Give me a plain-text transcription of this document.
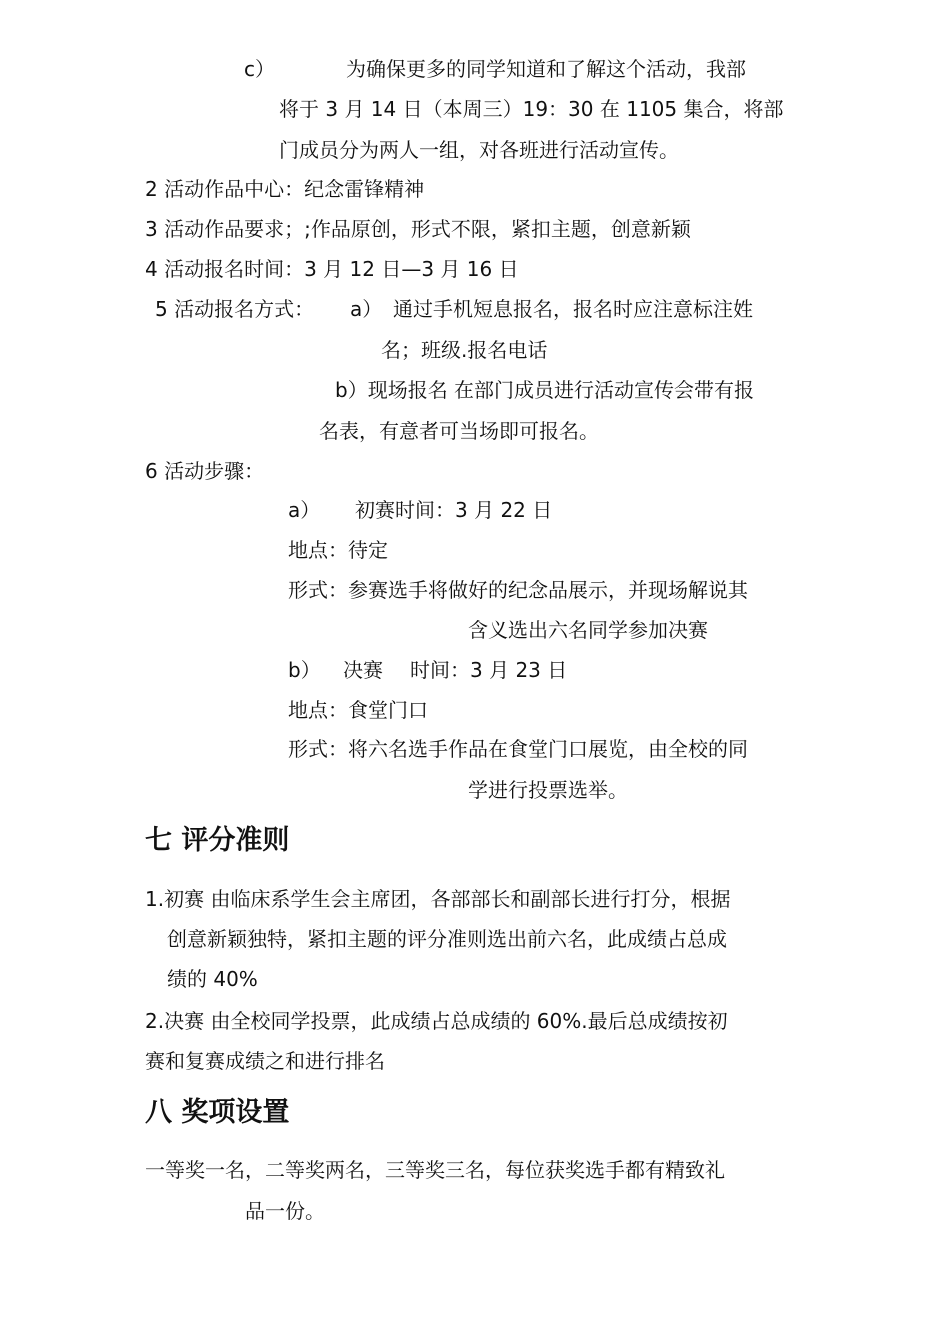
c）	为确保更多的同学知道和了解这个活动，我部
将于 3 月 14 日（本周三）19：30 在 1105 集合，将部
门成员分为两人一组，对各班进行活动宣传。
2 活动作品中心：纪念雷锋精神
3 活动作品要求；;作品原创，形式不限，紧扣主题，创意新颖
4 活动报名时间：3 月 12 日—3 月 16 日
5 活动报名方式： a） 通过手机短息报名，报名时应注意标注姓
名；班级.报名电话
b）现场报名 在部门成员进行活动宣传会带有报
名表，有意者可当场即可报名。
6 活动步骤：
a） 初赛时间：3 月 22 日
地点：待定
形式：参赛选手将做好的纪念品展示，并现场解说其
含义选出六名同学参加决赛
b） 决赛 时间：3 月 23 日
地点：食堂门口
形式：将六名选手作品在食堂门口展览，由全校的同
学进行投票选举。
七 评分准则
1.初赛 由临床系学生会主席团，各部部长和副部长进行打分，根据
创意新颖独特，紧扣主题的评分准则选出前六名，此成绩占总成
绩的 40%
2.决赛 由全校同学投票，此成绩占总成绩的 60%.最后总成绩按初
赛和复赛成绩之和进行排名
八 奖项设置
一等奖一名，二等奖两名，三等奖三名，每位获奖选手都有精致礼
品一份。
